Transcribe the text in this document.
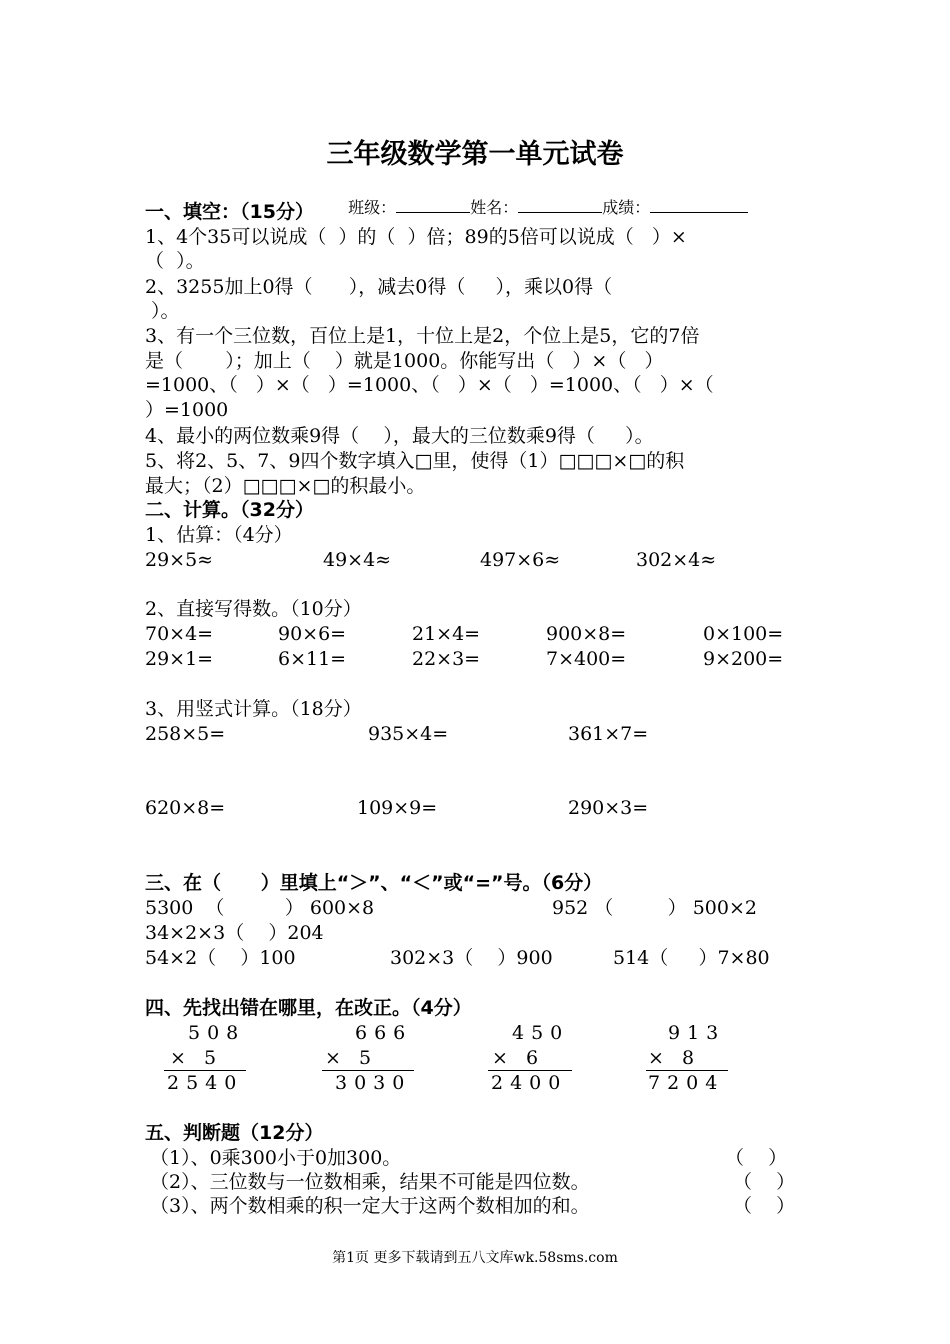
三年级数学第一单元试卷

班级：	姓名：	成绩：

一、填空：（15分）
1、4个35可以说成（  ）的（  ）倍；89的5倍可以说成（   ）×
（  ）。
2、3255加上0得（      ），减去0得（     ），乘以0得（
）。
3、有一个三位数，百位上是1，十位上是2，个位上是5，它的7倍
是（       ）；加上（    ）就是1000。你能写出（   ）×（   ）
=1000、（   ）×（   ）=1000、（   ）×（   ）=1000、（   ）×（
）=1000
4、最小的两位数乘9得（    ），最大的三位数乘9得（     ）。
5、将2、5、7、9四个数字填入□里，使得（1）□□□×□的积
最大；（2）□□□×□的积最小。
二、计算。（32分）
1、估算：（4分）
29×5≈	49×4≈	497×6≈	302×4≈
2、直接写得数。（10分）
70×4=	90×6=	21×4=	900×8=	0×100=
29×1=	6×11=	22×3=	7×400=	9×200=
3、用竖式计算。（18分）
258×5=	935×4=	361×7=
620×8=	109×9=	290×3=
三、在（      ）里填上“＞”、“＜”或“=”号。（6分）
5300  （          ） 600×8	952 （         ） 500×2
34×2×3（    ）204
54×2（    ）100	302×3（    ）900	514（     ）7×80
四、先找出错在哪里，在改正。（4分）
508
×   5
2540
666
×   5
3030
450
×   6
2400
913
×   8
7204
五、判断题（12分）
（1）、0乘300小于0加300。	（    ）
（2）、三位数与一位数相乘，结果不可能是四位数。	（    ）
（3）、两个数相乘的积一定大于这两个数相加的和。	（    ）
第1页 更多下载请到五八文库wk.58sms.com
